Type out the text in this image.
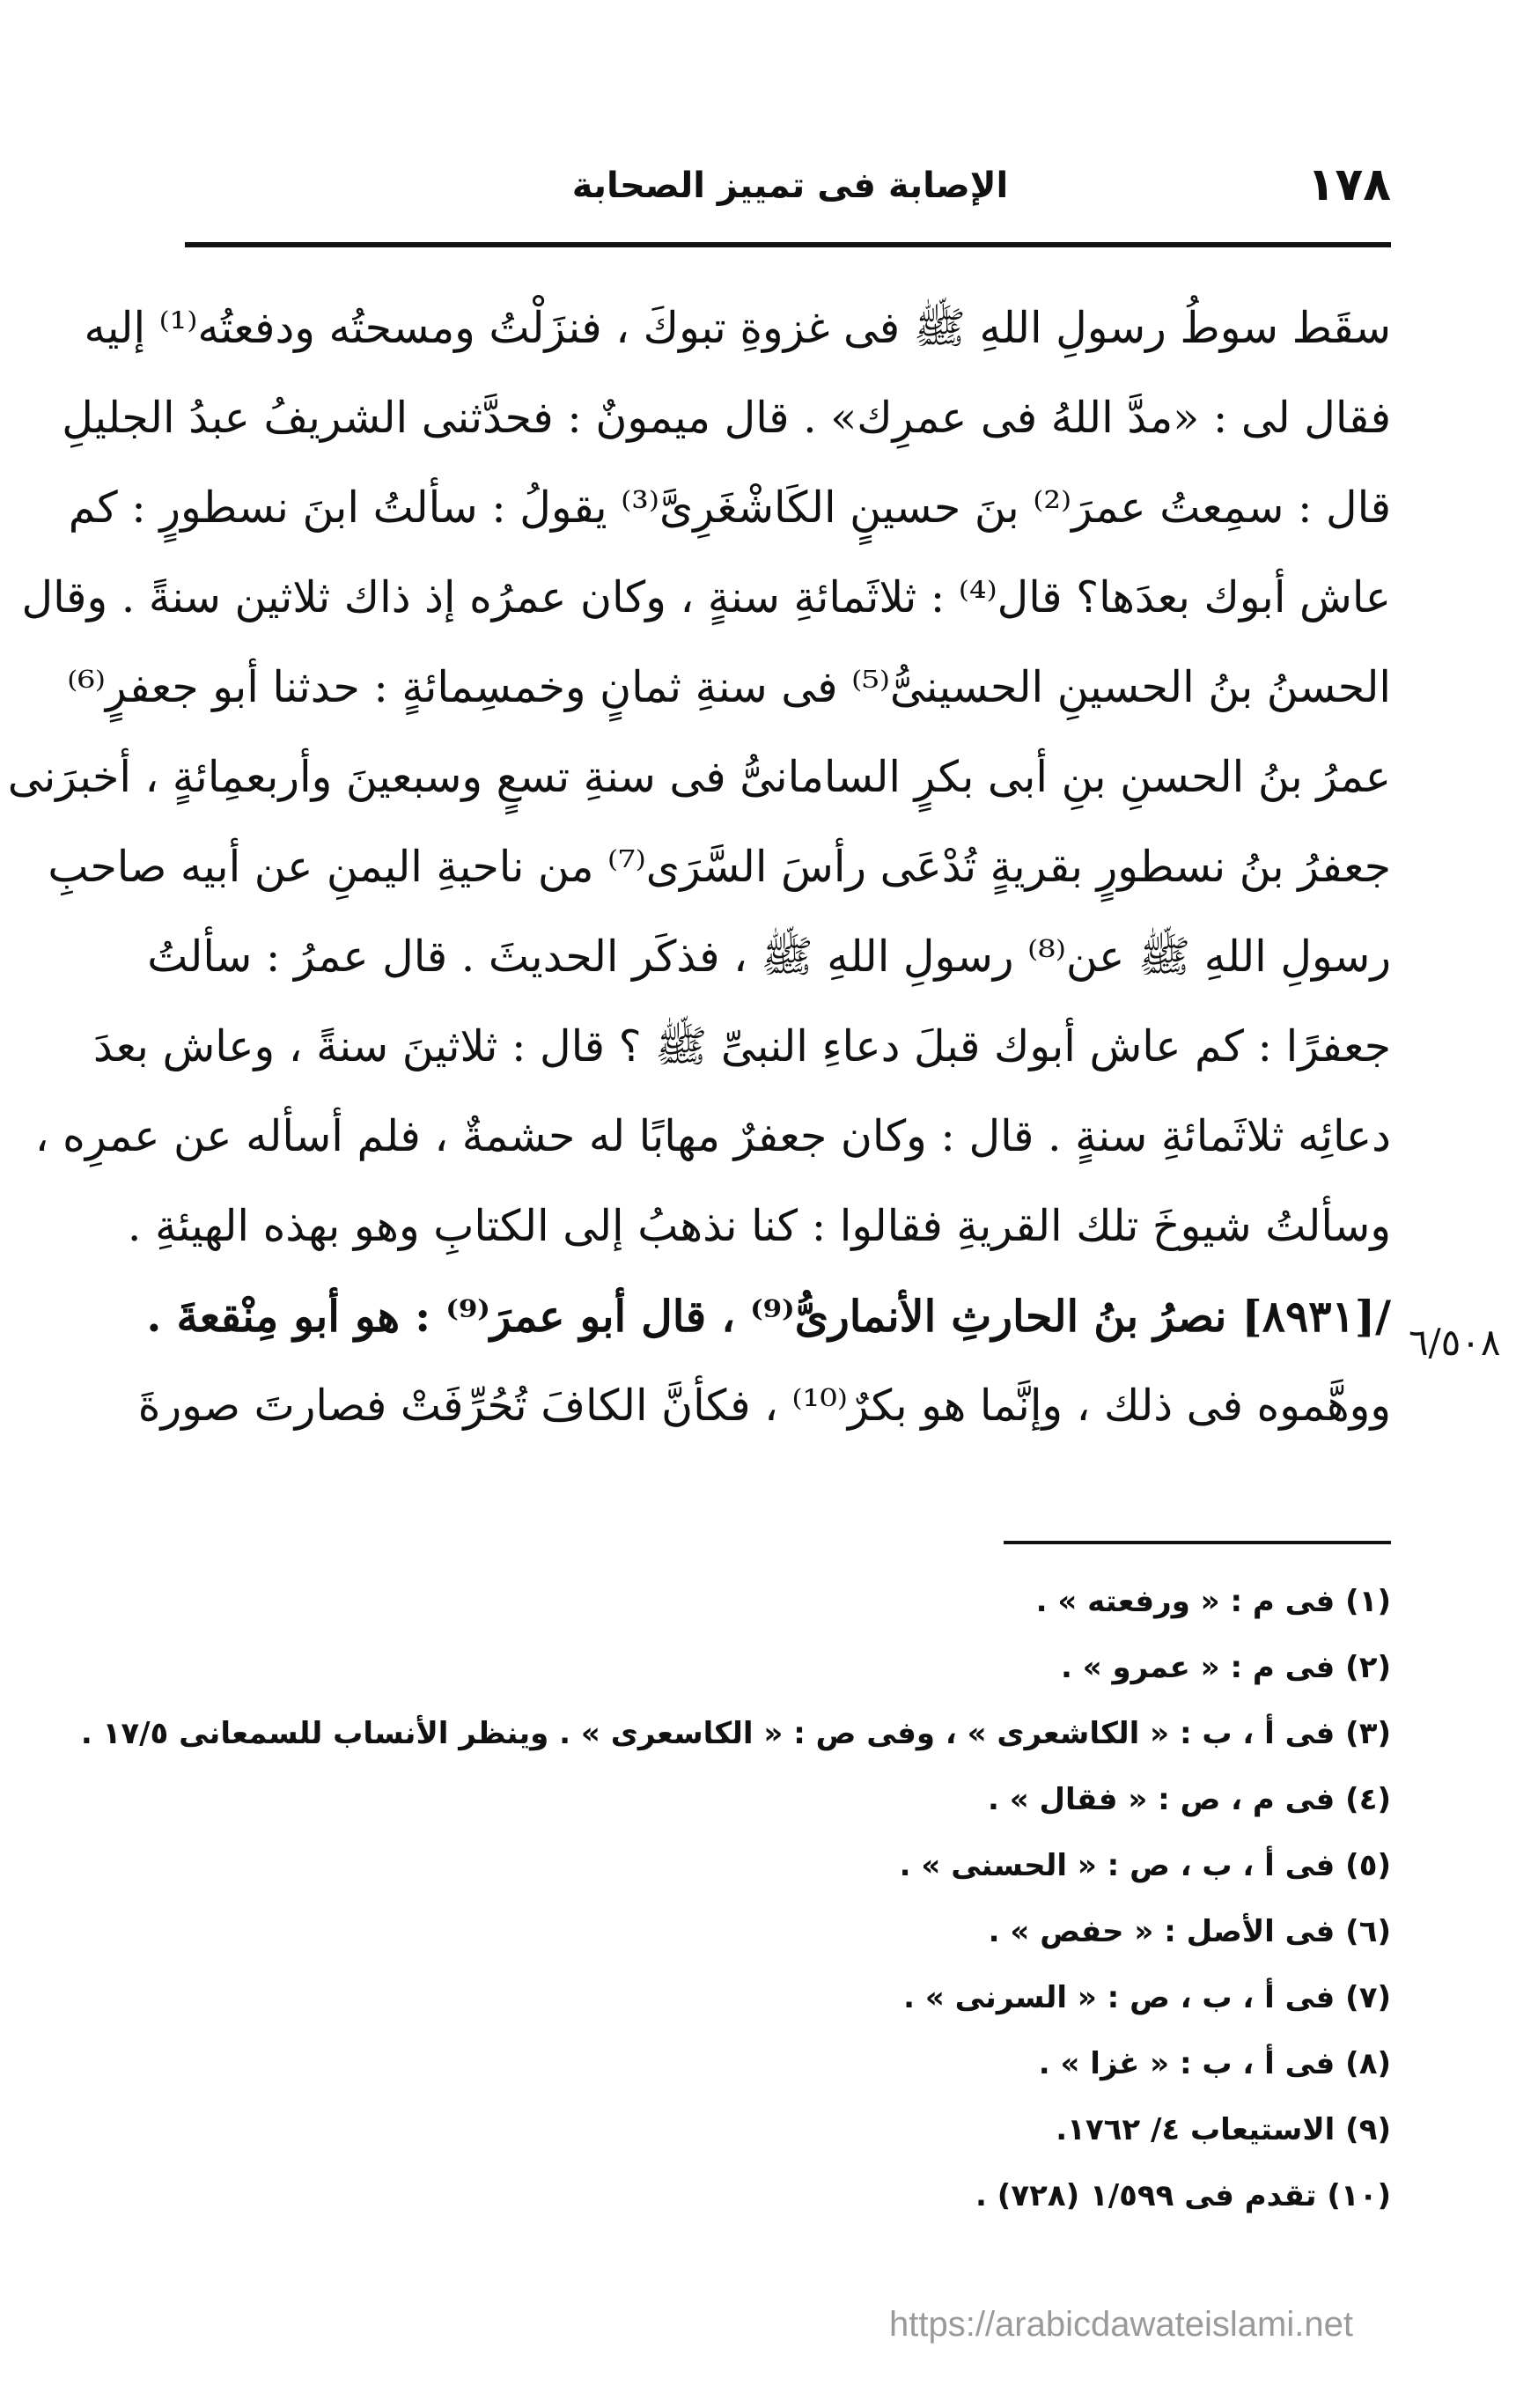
١٧٨
الإصابة فى تمييز الصحابة
سقَط سوطُ رسولِ اللهِ ﷺ فى غزوةِ تبوكَ ، فنزَلْتُ ومسحتُه ودفعتُه⁽¹⁾ إليه
فقال لى : «مدَّ اللهُ فى عمرِك» . قال ميمونٌ : فحدَّثنى الشريفُ عبدُ الجليلِ
قال : سمِعتُ عمرَ⁽²⁾ بنَ حسينٍ الكَاشْغَرِىَّ⁽³⁾ يقولُ : سألتُ ابنَ نسطورٍ : كم
عاش أبوك بعدَها؟ قال⁽⁴⁾ : ثلاثَمائةِ سنةٍ ، وكان عمرُه إذ ذاك ثلاثين سنةً . وقال
الحسنُ بنُ الحسينِ الحسينىُّ⁽⁵⁾ فى سنةِ ثمانٍ وخمسِمائةٍ : حدثنا أبو جعفرٍ⁽⁶⁾
عمرُ بنُ الحسنِ بنِ أبى بكرٍ السامانىُّ فى سنةِ تسعٍ وسبعينَ وأربعمِائةٍ ، أخبرَنى
جعفرُ بنُ نسطورٍ بقريةٍ تُدْعَى رأسَ السَّرَى⁽⁷⁾ من ناحيةِ اليمنِ عن أبيه صاحبِ
رسولِ اللهِ ﷺ عن⁽⁸⁾ رسولِ اللهِ ﷺ ، فذكَر الحديثَ . قال عمرُ : سألتُ
جعفرًا : كم عاش أبوك قبلَ دعاءِ النبىِّ ﷺ ؟ قال : ثلاثينَ سنةً ، وعاش بعدَ
دعائِه ثلاثَمائةِ سنةٍ . قال : وكان جعفرٌ مهابًا له حشمةٌ ، فلم أسأله عن عمرِه ،
وسألتُ شيوخَ تلك القريةِ فقالوا : كنا نذهبُ إلى الكتابِ وهو بهذه الهيئةِ .
/[٨٩٣١] نصرُ بنُ الحارثِ الأنمارىُّ⁽⁹⁾ ، قال أبو عمرَ⁽⁹⁾ : هو أبو مِنْقعةَ .
ووهَّموه فى ذلك ، وإنَّما هو بكرٌ⁽¹⁰⁾ ، فكأنَّ الكافَ تُحُرِّفَتْ فصارتَ صورةَ
٦/٥٠٨
(١) فى م : « ورفعته » .
(٢) فى م : « عمرو » .
(٣) فى أ ، ب : « الكاشعرى » ، وفى ص : « الكاسعرى » . وينظر الأنساب للسمعانى ١٧/٥ .
(٤) فى م ، ص : « فقال » .
(٥) فى أ ، ب ، ص : « الحسنى » .
(٦) فى الأصل : « حفص » .
(٧) فى أ ، ب ، ص : « السرنى » .
(٨) فى أ ، ب : « غزا » .
(٩) الاستيعاب ٤/ ١٧٦٢.
(١٠) تقدم فى ١/٥٩٩ (٧٢٨) .
https://arabicdawateislami.net
